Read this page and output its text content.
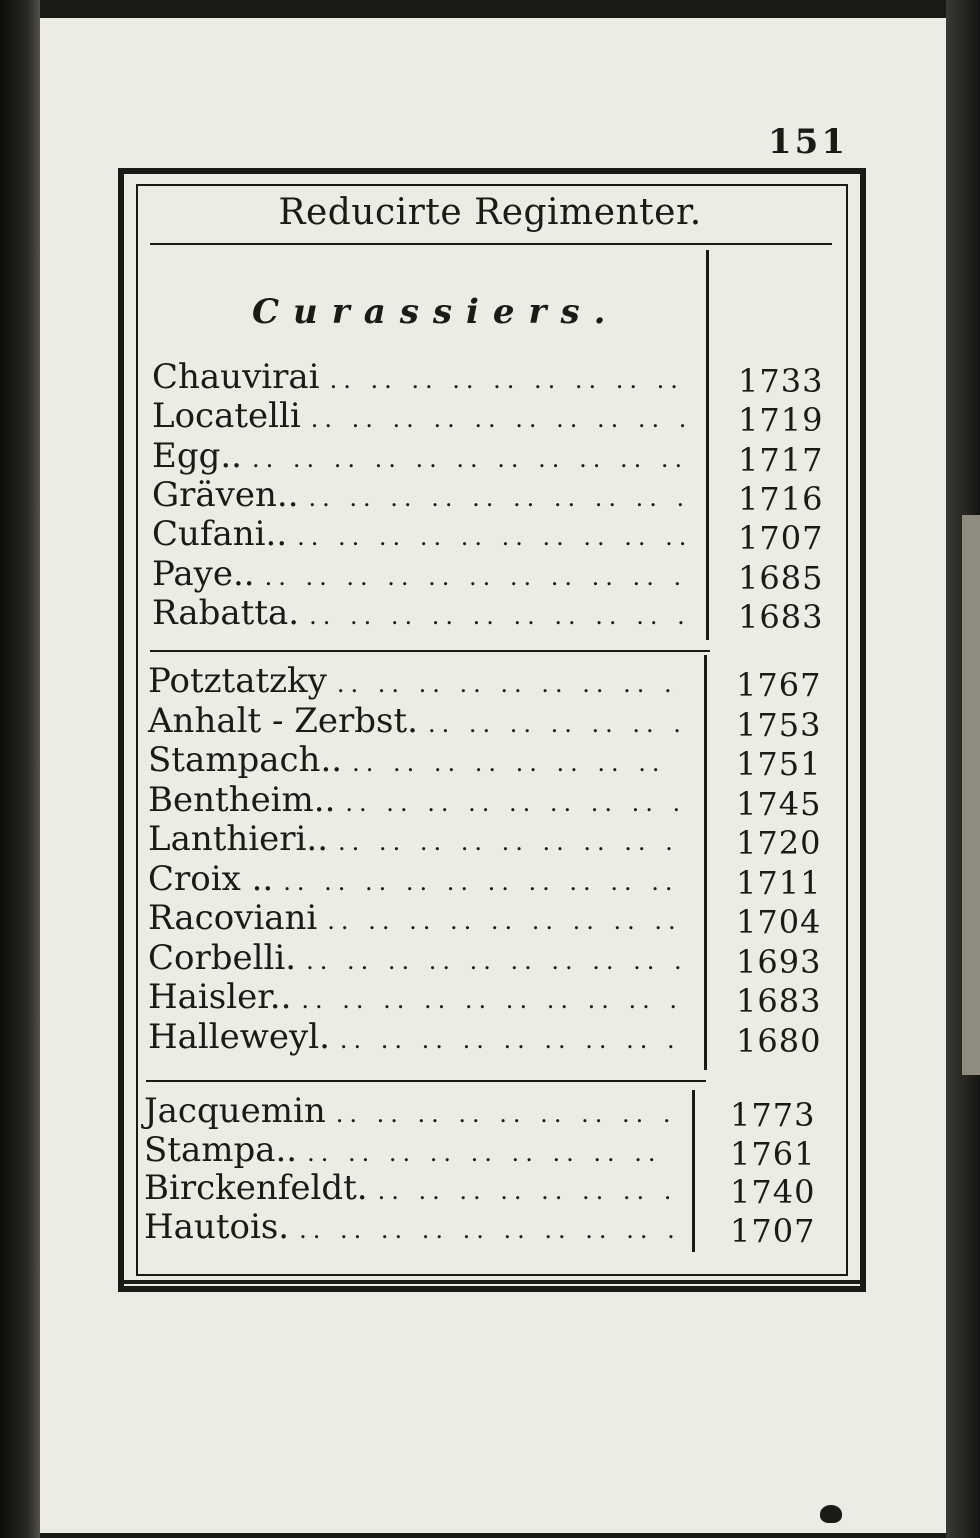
151
Reducirte Regimenter.
Curassiers.
Chauvirai .. ..	1733
Locatelli .. ..	1719
Egg.. .. ..	1717
Gräven.. .. ..	1716
Cufani.. .. ..	1707
Paye.. .. ..	1685
Rabatta. .. ..	1683
Potztatzky .. ..	1767
Anhalt - Zerbst. .. ..	1753
Stampach.. .. ..	1751
Bentheim.. .. ..	1745
Lanthieri.. .. ..	1720
Croix .. .. ..	1711
Racoviani .. ..	1704
Corbelli. .. ..	1693
Haisler.. .. ..	1683
Halleweyl. .. ..	1680
Jacquemin .. ..	1773
Stampa.. .. ..	1761
Birckenfeldt. .. ..	1740
Hautois. .. ..	1707
